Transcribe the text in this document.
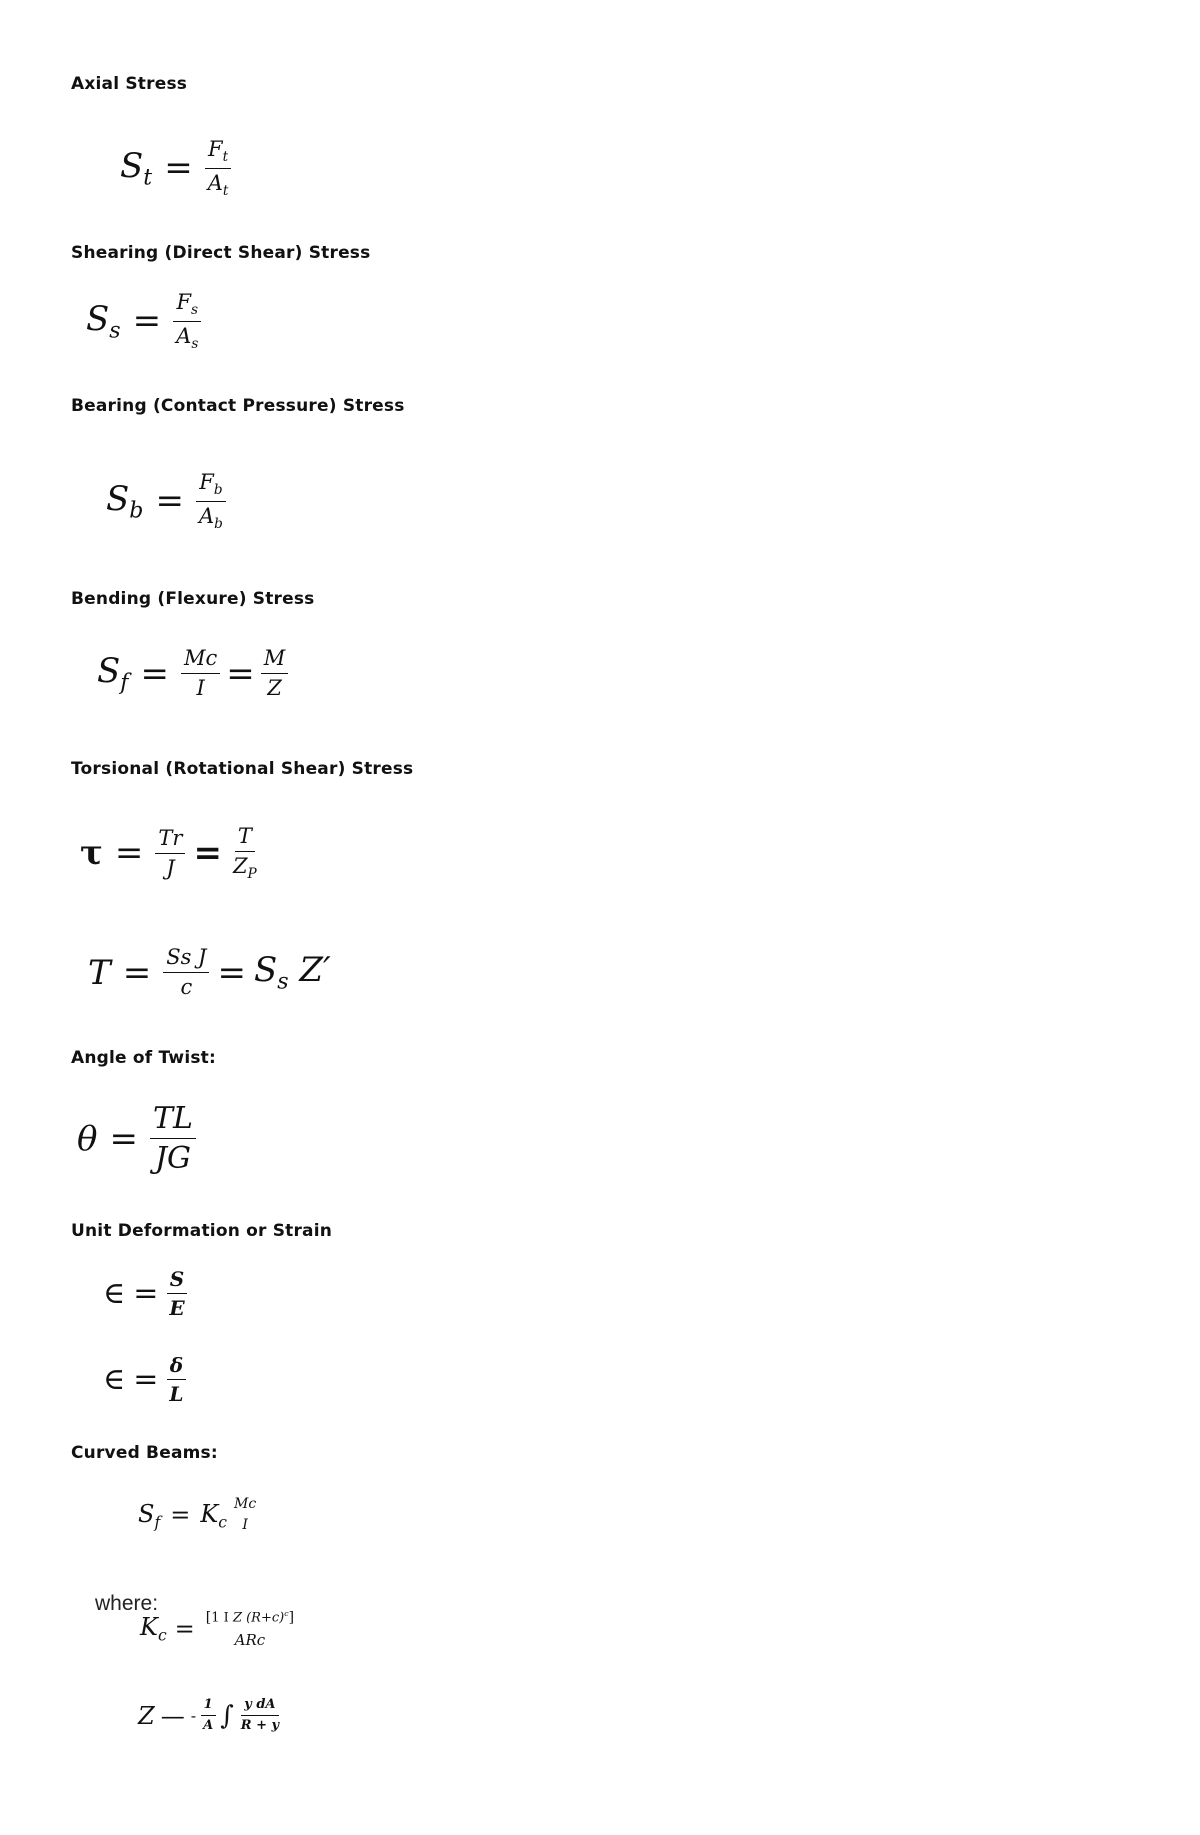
Axial Stress
$S_t = \frac{F_t}{A_t}$
Shearing (Direct Shear) Stress
$S_s = \frac{F_s}{A_s}$
Bearing (Contact Pressure) Stress
$S_b = \frac{F_b}{A_b}$
Bending (Flexure) Stress
$S_f = \frac{Mc}{I} = \frac{M}{Z}$
Torsional (Rotational Shear) Stress
$\tau = \frac{Tr}{J} = \frac{T}{Z_P}$
$T = \frac{\text{Ss J}}{c} = S_s$ Z′
Angle of Twist:
$\theta = \frac{TL}{JG}$
Unit Deformation or Strain
∈ = $\frac{S}{E}$
∈ = $\frac{\delta}{L}$
Curved Beams:
$S_f = K_c$
Mc
I
where:
$K_c = [1$ I Z $(R+c)^c$]
ARc
Z — - $\frac{1}{A}$ ∫ $\frac{\text{y dA}}{R + y}$
